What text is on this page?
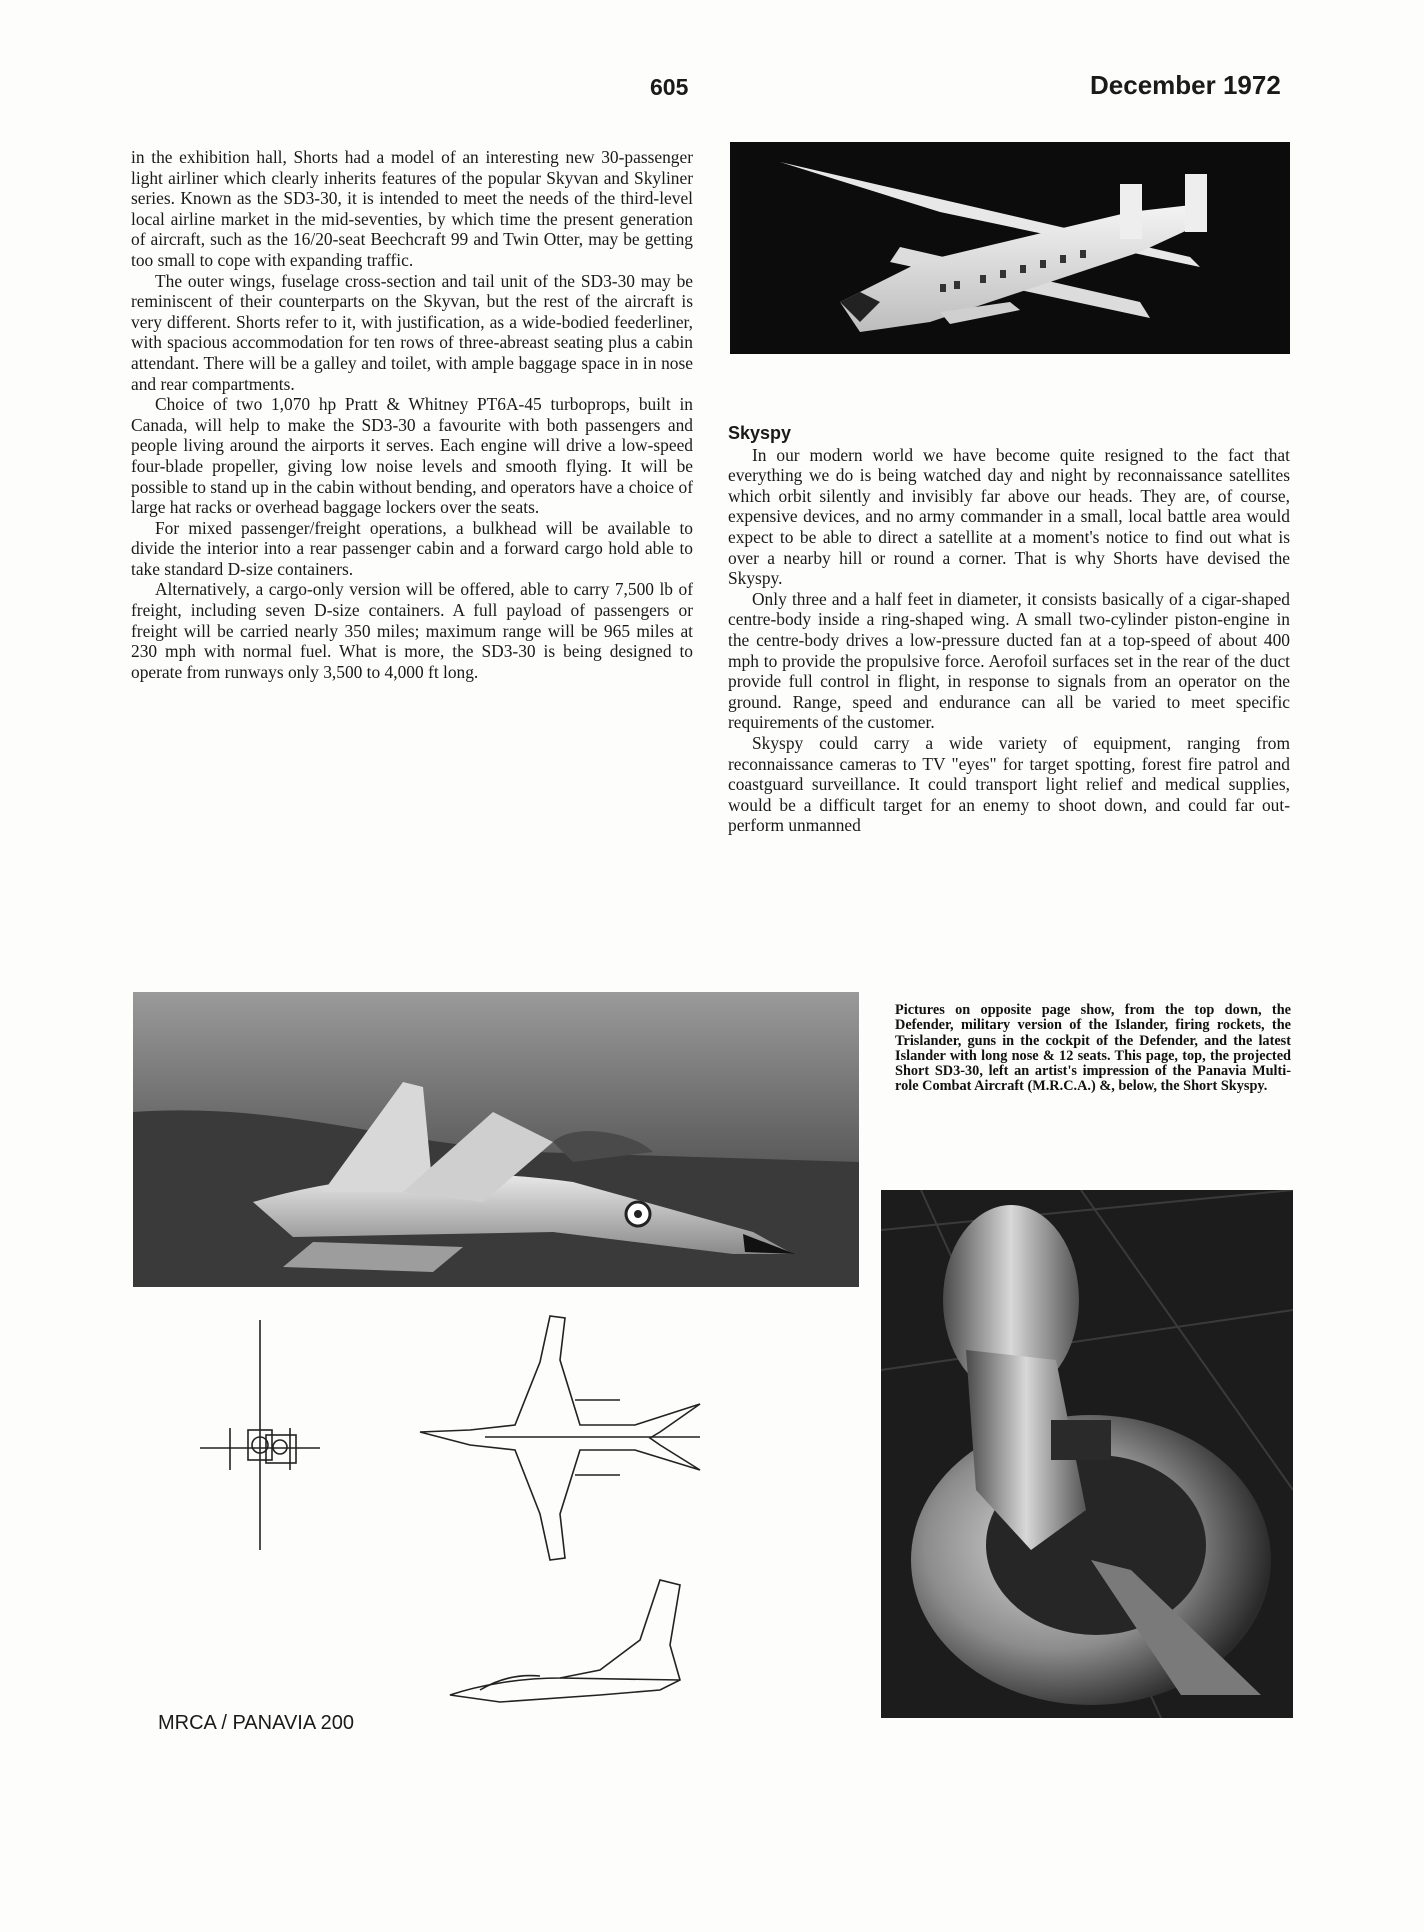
605	December 1972

in the exhibition hall, Shorts had a model of an interesting new 30-passenger light airliner which clearly inherits features of the popular Skyvan and Skyliner series. Known as the SD3-30, it is intended to meet the needs of the third-level local airline market in the mid-seventies, by which time the present generation of aircraft, such as the 16/20-seat Beechcraft 99 and Twin Otter, may be getting too small to cope with expanding traffic.

The outer wings, fuselage cross-section and tail unit of the SD3-30 may be reminiscent of their counterparts on the Skyvan, but the rest of the aircraft is very different. Shorts refer to it, with justification, as a wide-bodied feederliner, with spacious accommodation for ten rows of three-abreast seating plus a cabin attendant. There will be a galley and toilet, with ample baggage space in in nose and rear compartments.

Choice of two 1,070 hp Pratt & Whitney PT6A-45 turboprops, built in Canada, will help to make the SD3-30 a favourite with both passengers and people living around the airports it serves. Each engine will drive a low-speed four-blade propeller, giving low noise levels and smooth flying. It will be possible to stand up in the cabin without bending, and operators have a choice of large hat racks or overhead baggage lockers over the seats.

For mixed passenger/freight operations, a bulkhead will be available to divide the interior into a rear passenger cabin and a forward cargo hold able to take standard D-size containers.

Alternatively, a cargo-only version will be offered, able to carry 7,500 lb of freight, including seven D-size containers. A full payload of passengers or freight will be carried nearly 350 miles; maximum range will be 965 miles at 230 mph with normal fuel. What is more, the SD3-30 is being designed to operate from runways only 3,500 to 4,000 ft long.

Skyspy

In our modern world we have become quite resigned to the fact that everything we do is being watched day and night by reconnaissance satellites which orbit silently and invisibly far above our heads. They are, of course, expensive devices, and no army commander in a small, local battle area would expect to be able to direct a satellite at a moment's notice to find out what is over a nearby hill or round a corner. That is why Shorts have devised the Skyspy.

Only three and a half feet in diameter, it consists basically of a cigar-shaped centre-body inside a ring-shaped wing. A small two-cylinder piston-engine in the centre-body drives a low-pressure ducted fan at a top-speed of about 400 mph to provide the propulsive force. Aerofoil surfaces set in the rear of the duct provide full control in flight, in response to signals from an operator on the ground. Range, speed and endurance can all be varied to meet specific requirements of the customer.

Skyspy could carry a wide variety of equipment, ranging from reconnaissance cameras to TV "eyes" for target spotting, forest fire patrol and coastguard surveillance. It could transport light relief and medical supplies, would be a difficult target for an enemy to shoot down, and could far out-perform unmanned

Pictures on opposite page show, from the top down, the Defender, military version of the Islander, firing rockets, the Trislander, guns in the cockpit of the Defender, and the latest Islander with long nose & 12 seats. This page, top, the projected Short SD3-30, left an artist's impression of the Panavia Multi-role Combat Aircraft (M.R.C.A.) &, below, the Short Skyspy.
MRCA / PANAVIA 200
